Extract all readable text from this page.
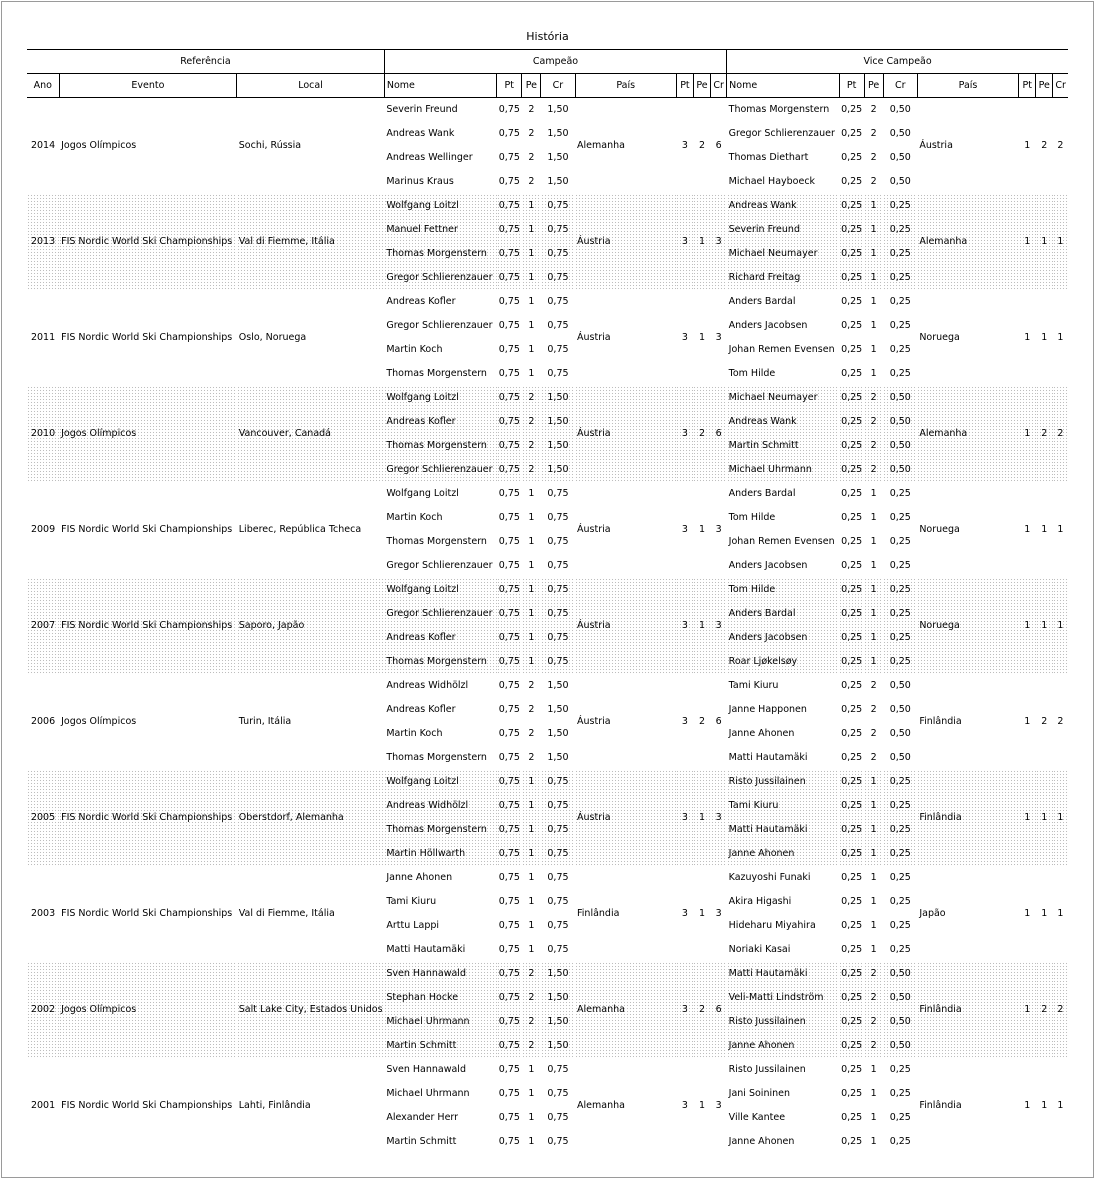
História
Referência			Campeão								Vice Campeão							
Ano	Evento	Local	Nome	Pt	Pe	Cr	País	Pt	Pe	Cr	Nome	Pt	Pe	Cr	País	Pt	Pe	Cr
2014	Jogos Olímpicos	Sochi, Rússia	Severin Freund	0,75	2	1,50	Alemanha	3	2	6	Thomas Morgenstern	0,25	2	0,50	Áustria	1	2	2
			Andreas Wank	0,75	2	1,50					Gregor Schlierenzauer	0,25	2	0,50				
			Andreas Wellinger	0,75	2	1,50					Thomas Diethart	0,25	2	0,50				
			Marinus Kraus	0,75	2	1,50					Michael Hayboeck	0,25	2	0,50				
2013	FIS Nordic World Ski Championships	Val di Fiemme, Itália	Wolfgang Loitzl	0,75	1	0,75	Áustria	3	1	3	Andreas Wank	0,25	1	0,25	Alemanha	1	1	1
			Manuel Fettner	0,75	1	0,75					Severin Freund	0,25	1	0,25				
			Thomas Morgenstern	0,75	1	0,75					Michael Neumayer	0,25	1	0,25				
			Gregor Schlierenzauer	0,75	1	0,75					Richard Freitag	0,25	1	0,25				
2011	FIS Nordic World Ski Championships	Oslo, Noruega	Andreas Kofler	0,75	1	0,75	Áustria	3	1	3	Anders Bardal	0,25	1	0,25	Noruega	1	1	1
			Gregor Schlierenzauer	0,75	1	0,75					Anders Jacobsen	0,25	1	0,25				
			Martin Koch	0,75	1	0,75					Johan Remen Evensen	0,25	1	0,25				
			Thomas Morgenstern	0,75	1	0,75					Tom Hilde	0,25	1	0,25				
2010	Jogos Olímpicos	Vancouver, Canadá	Wolfgang Loitzl	0,75	2	1,50	Áustria	3	2	6	Michael Neumayer	0,25	2	0,50	Alemanha	1	2	2
			Andreas Kofler	0,75	2	1,50					Andreas Wank	0,25	2	0,50				
			Thomas Morgenstern	0,75	2	1,50					Martin Schmitt	0,25	2	0,50				
			Gregor Schlierenzauer	0,75	2	1,50					Michael Uhrmann	0,25	2	0,50				
2009	FIS Nordic World Ski Championships	Liberec, República Tcheca	Wolfgang Loitzl	0,75	1	0,75	Áustria	3	1	3	Anders Bardal	0,25	1	0,25	Noruega	1	1	1
			Martin Koch	0,75	1	0,75					Tom Hilde	0,25	1	0,25				
			Thomas Morgenstern	0,75	1	0,75					Johan Remen Evensen	0,25	1	0,25				
			Gregor Schlierenzauer	0,75	1	0,75					Anders Jacobsen	0,25	1	0,25				
2007	FIS Nordic World Ski Championships	Saporo, Japão	Wolfgang Loitzl	0,75	1	0,75	Áustria	3	1	3	Tom Hilde	0,25	1	0,25	Noruega	1	1	1
			Gregor Schlierenzauer	0,75	1	0,75					Anders Bardal	0,25	1	0,25				
			Andreas Kofler	0,75	1	0,75					Anders Jacobsen	0,25	1	0,25				
			Thomas Morgenstern	0,75	1	0,75					Roar Ljøkelsøy	0,25	1	0,25				
2006	Jogos Olímpicos	Turin, Itália	Andreas Widhölzl	0,75	2	1,50	Áustria	3	2	6	Tami Kiuru	0,25	2	0,50	Finlândia	1	2	2
			Andreas Kofler	0,75	2	1,50					Janne Happonen	0,25	2	0,50				
			Martin Koch	0,75	2	1,50					Janne Ahonen	0,25	2	0,50				
			Thomas Morgenstern	0,75	2	1,50					Matti Hautamäki	0,25	2	0,50				
2005	FIS Nordic World Ski Championships	Oberstdorf, Alemanha	Wolfgang Loitzl	0,75	1	0,75	Áustria	3	1	3	Risto Jussilainen	0,25	1	0,25	Finlândia	1	1	1
			Andreas Widhölzl	0,75	1	0,75					Tami Kiuru	0,25	1	0,25				
			Thomas Morgenstern	0,75	1	0,75					Matti Hautamäki	0,25	1	0,25				
			Martin Höllwarth	0,75	1	0,75					Janne Ahonen	0,25	1	0,25				
2003	FIS Nordic World Ski Championships	Val di Fiemme, Itália	Janne Ahonen	0,75	1	0,75	Finlândia	3	1	3	Kazuyoshi Funaki	0,25	1	0,25	Japão	1	1	1
			Tami Kiuru	0,75	1	0,75					Akira Higashi	0,25	1	0,25				
			Arttu Lappi	0,75	1	0,75					Hideharu Miyahira	0,25	1	0,25				
			Matti Hautamäki	0,75	1	0,75					Noriaki Kasai	0,25	1	0,25				
2002	Jogos Olímpicos	Salt Lake City, Estados Unidos	Sven Hannawald	0,75	2	1,50	Alemanha	3	2	6	Matti Hautamäki	0,25	2	0,50	Finlândia	1	2	2
			Stephan Hocke	0,75	2	1,50					Veli-Matti Lindström	0,25	2	0,50				
			Michael Uhrmann	0,75	2	1,50					Risto Jussilainen	0,25	2	0,50				
			Martin Schmitt	0,75	2	1,50					Janne Ahonen	0,25	2	0,50				
2001	FIS Nordic World Ski Championships	Lahti, Finlândia	Sven Hannawald	0,75	1	0,75	Alemanha	3	1	3	Risto Jussilainen	0,25	1	0,25	Finlândia	1	1	1
			Michael Uhrmann	0,75	1	0,75					Jani Soininen	0,25	1	0,25				
			Alexander Herr	0,75	1	0,75					Ville Kantee	0,25	1	0,25				
			Martin Schmitt	0,75	1	0,75					Janne Ahonen	0,25	1	0,25				
